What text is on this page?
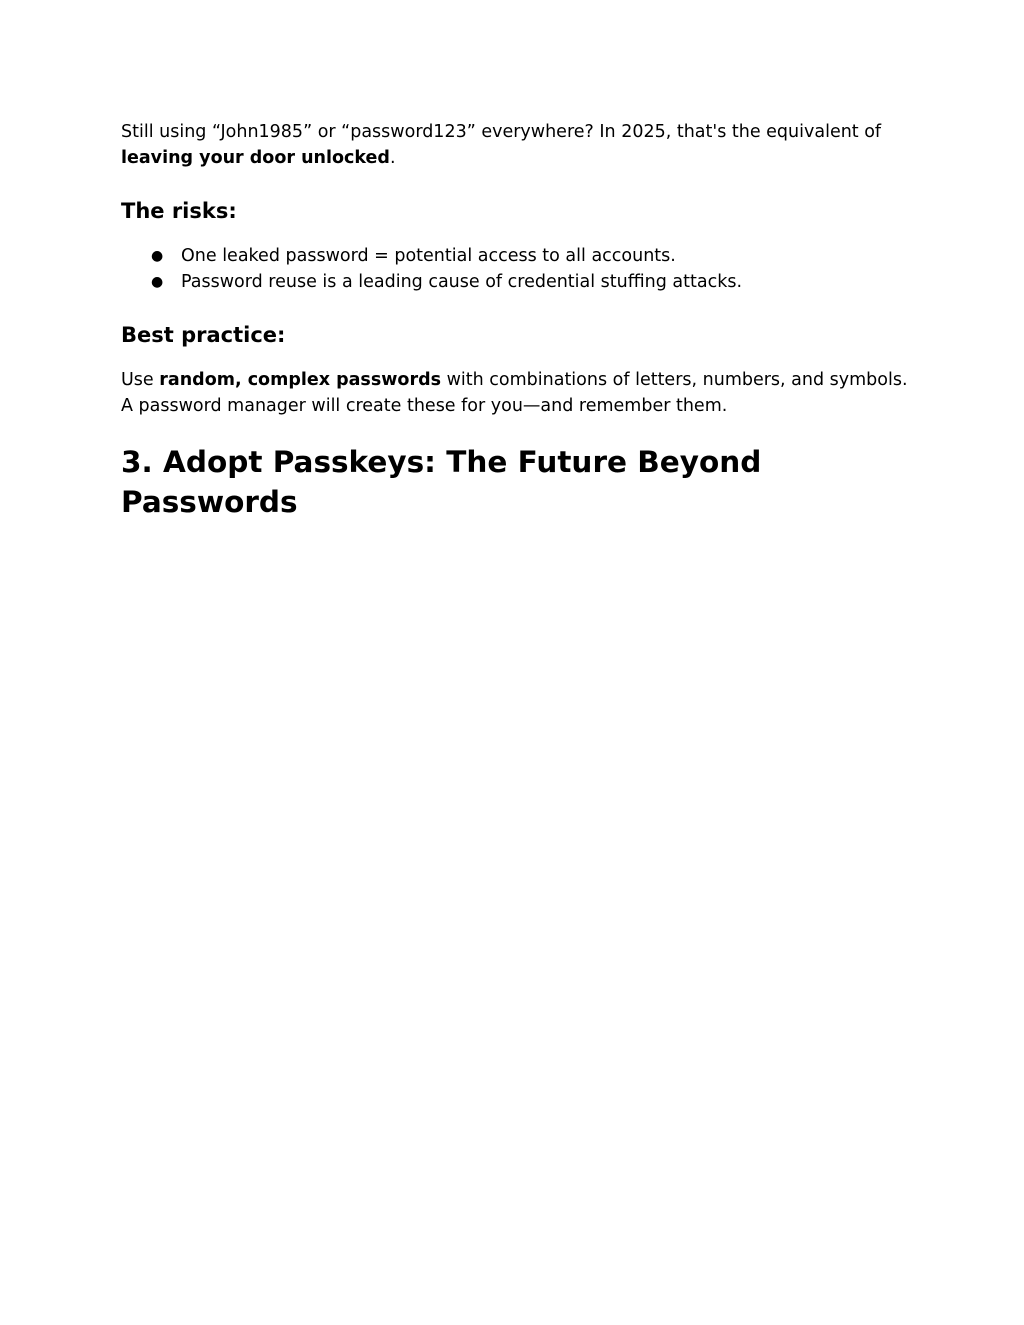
Still using “John1985” or “password123” everywhere? In 2025, that's the equivalent of leaving your door unlocked.

The risks:
● One leaked password = potential access to all accounts.
● Password reuse is a leading cause of credential stuffing attacks.
Best practice:

Use random, complex passwords with combinations of letters, numbers, and symbols. A password manager will create these for you—and remember them.

3. Adopt Passkeys: The Future Beyond Passwords
